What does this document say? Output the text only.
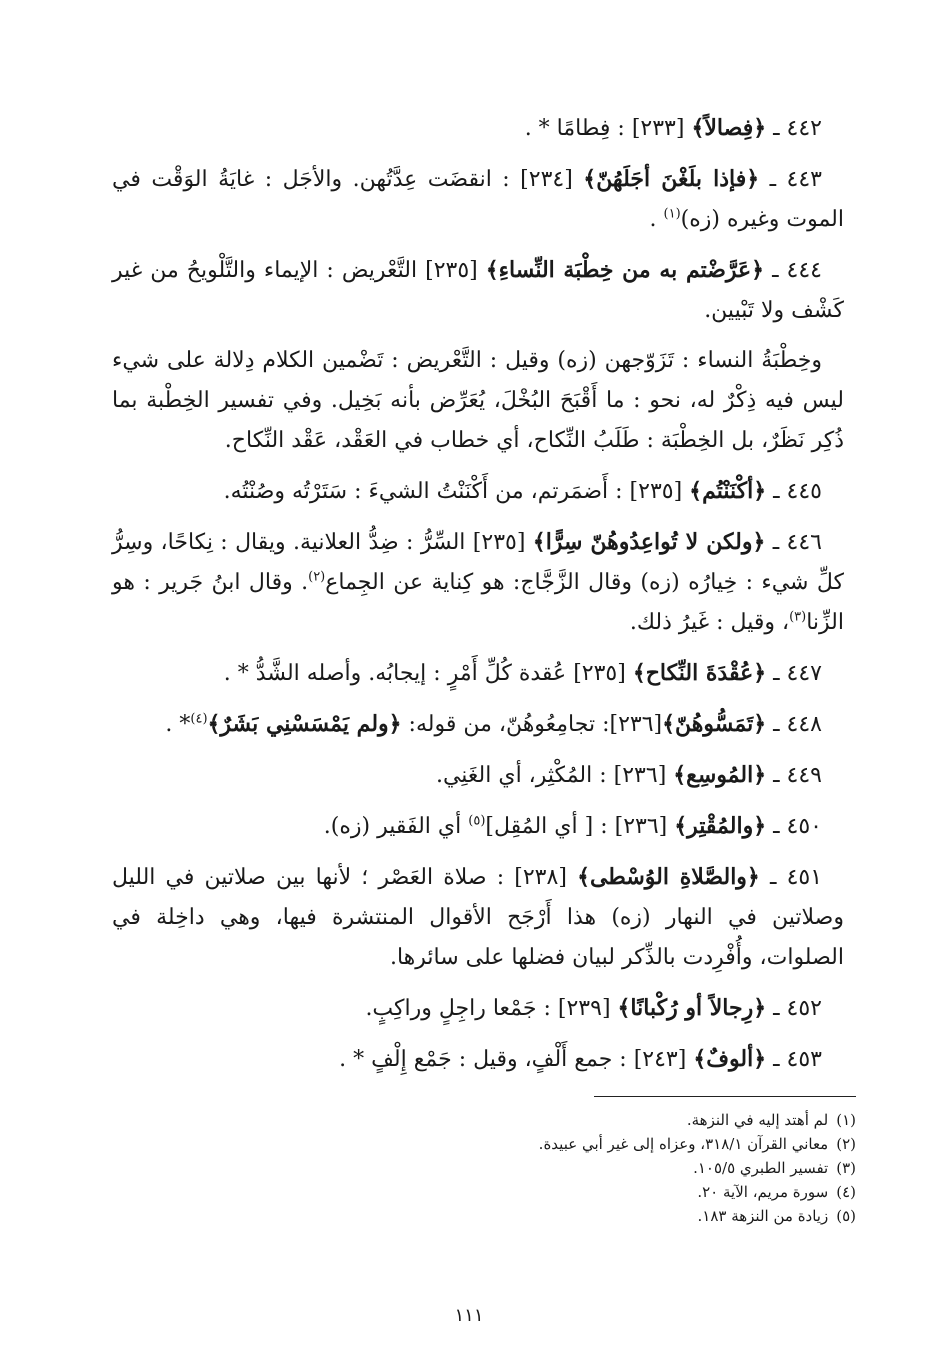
٤٤٢ ـ ﴿فِصالاً﴾ [٢٣٣] : فِطامًا * .

٤٤٣ ـ ﴿فإذا بلَغْنَ أجَلَهُنّ﴾ [٢٣٤] : انقضَت عِدَّتُهن. والأجَل : غايَةُ الوَقْت في الموت وغيره (زه)$^{(١)}$ .

٤٤٤ ـ ﴿عَرَّضْتم به من خِطْبَة النِّساءِ﴾ [٢٣٥] التَّعْريض : الإيماء والتَّلْويحُ من غير كَشْف ولا تَبْيين.

وخِطْبَةُ النساء : تَزَوّجهن (زه) وقيل : التَّعْريض : تَضْمين الكلام دِلالة على شيء ليس فيه ذِكْرٌ له، نحو : ما أَقْبَحَ البُخْلَ، يُعَرِّض بأنه بَخِيل. وفي تفسير الخِطْبة بما ذُكِر نَظَرٌ، بل الخِطْبَة : طَلَبُ النِّكاح، أي خطاب في العَقْد، عَقْد النِّكاح.

٤٤٥ ـ ﴿أكْنَنْتُم﴾ [٢٣٥] : أَضمَرتم، من أَكْنَنْتُ الشيءَ : سَتَرْتُه وصُنْتُه.

٤٤٦ ـ ﴿ولكن لا تُواعِدُوهُنّ سِرًّا﴾ [٢٣٥] السِّرُّ : ضِدُّ العلانية. ويقال : نِكاحًا، وسِرُّ كلِّ شيء : خِيارُه (زه) وقال الزَّجَّاج: هو كِناية عن الجِماع$^{(٢)}$. وقال ابنُ جَرير : هو الزِّنا$^{(٣)}$، وقيل : غَيرُ ذلك.

٤٤٧ ـ ﴿عُقْدَةَ النِّكاح﴾ [٢٣٥] عُقدة كُلِّ أَمْرٍ : إيجابُه. وأصله الشَّدُّ * .

٤٤٨ ـ ﴿تَمَسُّوهُنّ﴾[٢٣٦]: تجامِعُوهُنّ، من قوله: ﴿ولم يَمْسَسْنِي بَشَرٌ﴾$^{(٤)}$* .

٤٤٩ ـ ﴿المُوسِع﴾ [٢٣٦] : المُكْثِر، أي الغَنِي.

٤٥٠ ـ ﴿والمُقْتِر﴾ [٢٣٦] : [ أي المُقِل]$^{(٥)}$ أي الفَقير (زه).

٤٥١ ـ ﴿والصَّلاةِ الوُسْطى﴾ [٢٣٨] : صلاة العَصْر ؛ لأنها بين صلاتين في الليل وصلاتين في النهار (زه) هذا أَرْجَح الأقوال المنتشرة فيها، وهي داخِلة في الصلوات، وأُفْرِدت بالذِّكر لبيان فضلها على سائرها.

٤٥٢ ـ ﴿رِجالاً أو رُكْبانًا﴾ [٢٣٩] : جَمْعا راجِلٍ وراكِبٍ.

٤٥٣ ـ ﴿ألوفٌ﴾ [٢٤٣] : جمع أَلْفٍ، وقيل : جَمْع إِلْفٍ * .

(١)لم أهتد إليه في النزهة.
(٢)معاني القرآن ٣١٨/١، وعزاه إلى غير أبي عبيدة.
(٣)تفسير الطبري ١٠٥/٥.
(٤)سورة مريم، الآية ٢٠.
(٥)زيادة من النزهة ١٨٣.
١١١
